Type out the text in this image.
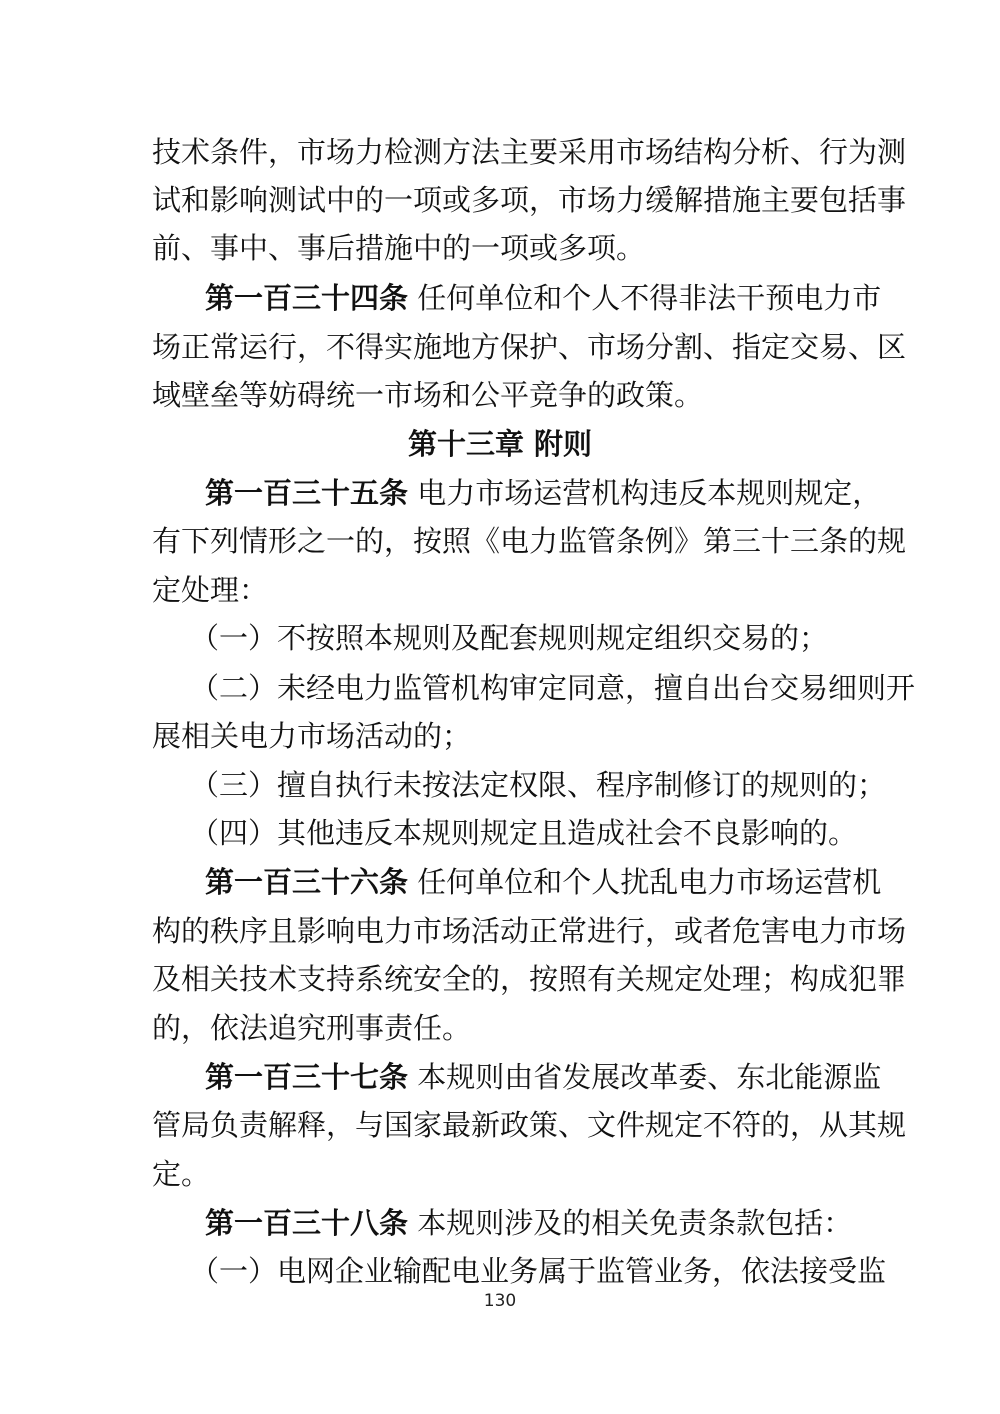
技术条件，市场力检测方法主要采用市场结构分析、行为测
试和影响测试中的一项或多项，市场力缓解措施主要包括事
前、事中、事后措施中的一项或多项。
第一百三十四条 任何单位和个人不得非法干预电力市
场正常运行，不得实施地方保护、市场分割、指定交易、区
域壁垒等妨碍统一市场和公平竞争的政策。
第十三章 附则
第一百三十五条 电力市场运营机构违反本规则规定，
有下列情形之一的，按照《电力监管条例》第三十三条的规
定处理：
（一）不按照本规则及配套规则规定组织交易的；
（二）未经电力监管机构审定同意，擅自出台交易细则开
展相关电力市场活动的；
（三）擅自执行未按法定权限、程序制修订的规则的；
（四）其他违反本规则规定且造成社会不良影响的。
第一百三十六条 任何单位和个人扰乱电力市场运营机
构的秩序且影响电力市场活动正常进行，或者危害电力市场
及相关技术支持系统安全的，按照有关规定处理；构成犯罪
的，依法追究刑事责任。
第一百三十七条 本规则由省发展改革委、东北能源监
管局负责解释，与国家最新政策、文件规定不符的，从其规
定。
第一百三十八条 本规则涉及的相关免责条款包括：
（一）电网企业输配电业务属于监管业务，依法接受监
130
